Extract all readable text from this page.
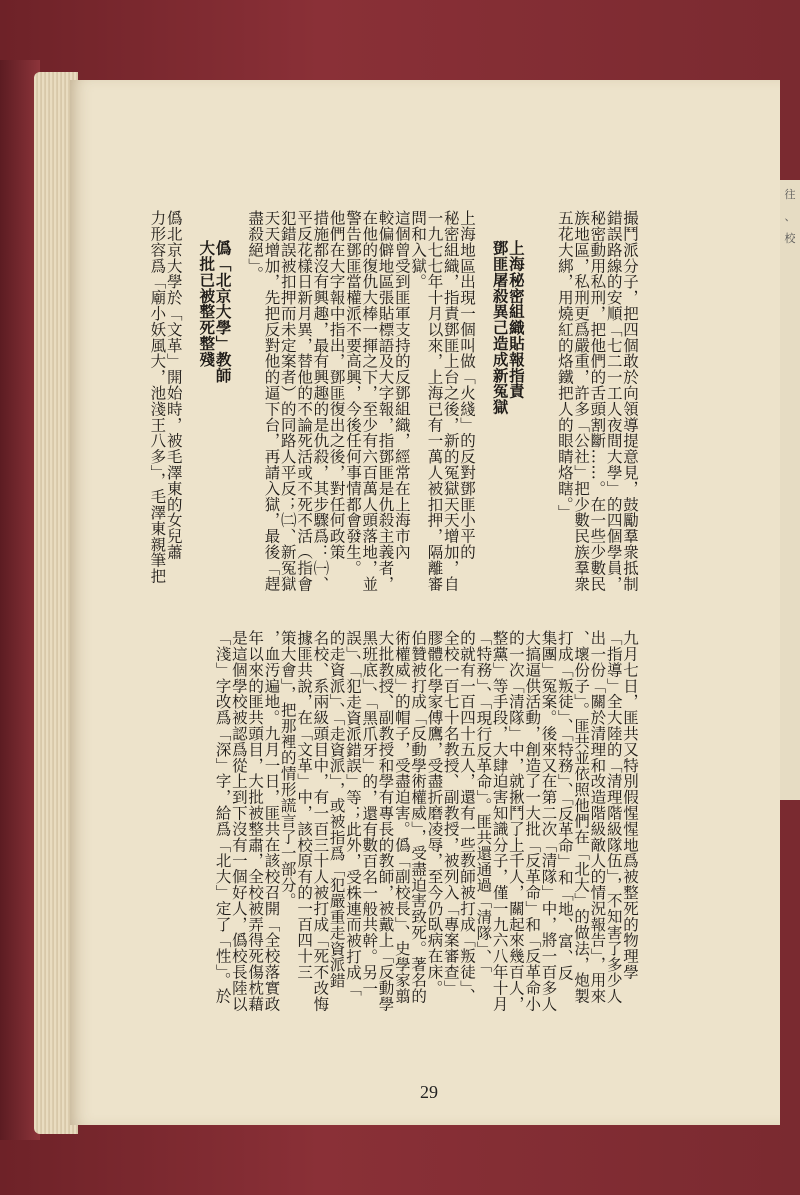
往
、
校
撮鬥派分子，把四個敢於向領導提意見，鼓勵羣衆抵制
九月七日，匪共又特別假惺惺地爲被整死的物理學
錯誤路線的安順「七二一工人夜間大學」的四個學員，
「指導」全大陸的「清理階級隊伍」，不知害了多少人
秘密動用私刑，把他們的舌頭割斷……。在一些少數民
出一份「關於清理和改造階級敵人的情況報告」，用來
族地區，私刑更爲嚴重，許多「公社」把少數民族羣衆
、壞份子」。匪共並依照他們在「北大」的做法，炮製
五花大綁，用燒紅的烙鐵把人的眼睛烙瞎。」
打成「叛徒」、「特務」、「反革命」和「地、富、反
集團」冤案。後來又在第二次「清隊」中，將一百多人
大搞逼供活動，創造了一大批「反革命」和「反革命小
上海秘密組織貼報指責
的一次「清隊」中，就揪鬥了上千人，關起來幾百人，
鄧匪屠殺異己造成新冤獄
整黨」等手段，大肆迫害知識分子，僅一九六八年十月
「特務」、「現行反革命」。匪共還通過「清隊」、「
上海地區出現一個叫做「火綫」的反對鄧匪小平的
的就有一百四十五人，還有一些教師被打成「叛徒」、
秘密組織，指責鄧匪上台之後，新的冤獄天天增加，自
全校一百七十名教授、副教授，被列入「專案審查」
一九七七年十月以來，上海已有一萬人被扣押，隔離審
膠體化學家傅鷹，受盡折磨凌辱，至今仍臥病在床。
問和入獄。
伯贊被打成「反動學術權威」，受盡迫害致死。著名的
這個曾受到匪軍支持的反鄧組織，經常在上海市內
術權威」的帽子，受盡迫害。僞「副校長」、史學家翦
較偏僻地區張貼標語及大字報，指鄧匪是仇殺主義者，
大批教授、副教授和學有專長的教師，被戴上「反動學
在他的復仇大棒一揮之下，至少有六百萬人頭落地，並
黑班底」、「黑爪牙」的，還有數百名一般共幹。另一
警告鄧匪當權派不要高興，今後任何事情都會發生。
誤」、「犯走資派錯誤」等；此外，受株連而被打成「
他們在大字報中指出，鄧匪復出之後，對任何政策
的走資派」、「走資派」，或被指爲「犯嚴重走資派錯
措施都沒有興趣，最有興趣的是仇殺，其步驟爲：㈠、
名校、系兩級頭目中，有一百三十人被打成「死不改悔
平反花樣日新月異，替他的不論死活或不死不活（指會
據匪共說，在「文革」中，該校原有的一百四十三
犯錯誤被扣押而未定案者）的同路人平反；㈡、新冤獄
策大會」，把那裡的情形謊言了一部分。
天天增加，先把反對他的逼下台，再請入獄，最後「趕
，血汚遍地。九月一日，匪共在該校召開「全校落實政
盡殺絕」。
年以來的匪共頭目，大批被整肅，全校被弄得死傷枕藉
是這個學校被認爲從上到下沒有一個好人，僞校長陸以
僞「北京大學」教師
「淺」字改爲「深」字，給爲「北大」定了「性」。於
大批已被整死整殘
僞北京大學於「文革」開始時，被毛澤東的女兒蕭
力形容爲「廟小妖風大，池淺王八多」，毛澤東親筆把
29
